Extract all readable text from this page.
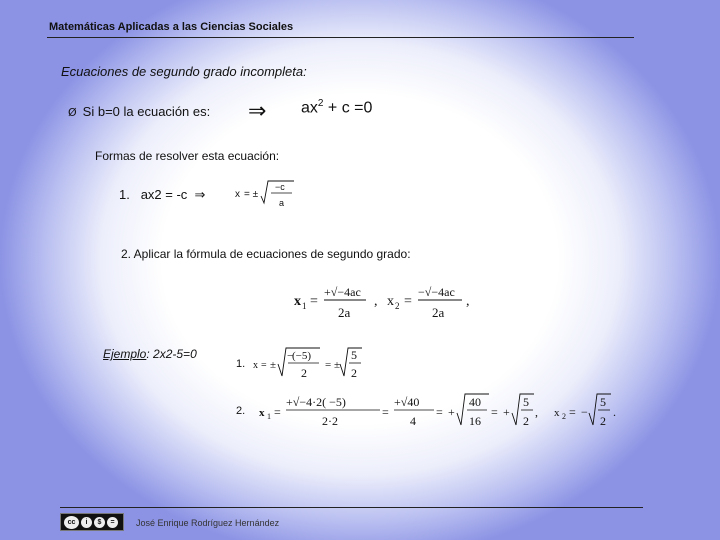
Matemáticas Aplicadas a las Ciencias Sociales
Ecuaciones de segundo grado incompleta:
Ø Si b=0 la ecuación es: ⇒ $ax^2 + c =0$
Formas de resolver esta ecuación:
1. ax2 = -c ⇒	x = ±
−c
a
2. Aplicar la fórmula de ecuaciones de segundo grado:
x 1 =
+√−4ac
2a
, x 2 =
−√−4ac
2a
,
Ejemplo: 2x2-5=0
1. x = ±
−
(−5)
2
= ±
5
2
2. x 1 =
+√−4·2( −5)
2·2
=
+√40
4
= +
40
16
= +
5
2
, x 2 = −
5
2
.
cc	i	$	=	José Enrique Rodríguez Hernández
